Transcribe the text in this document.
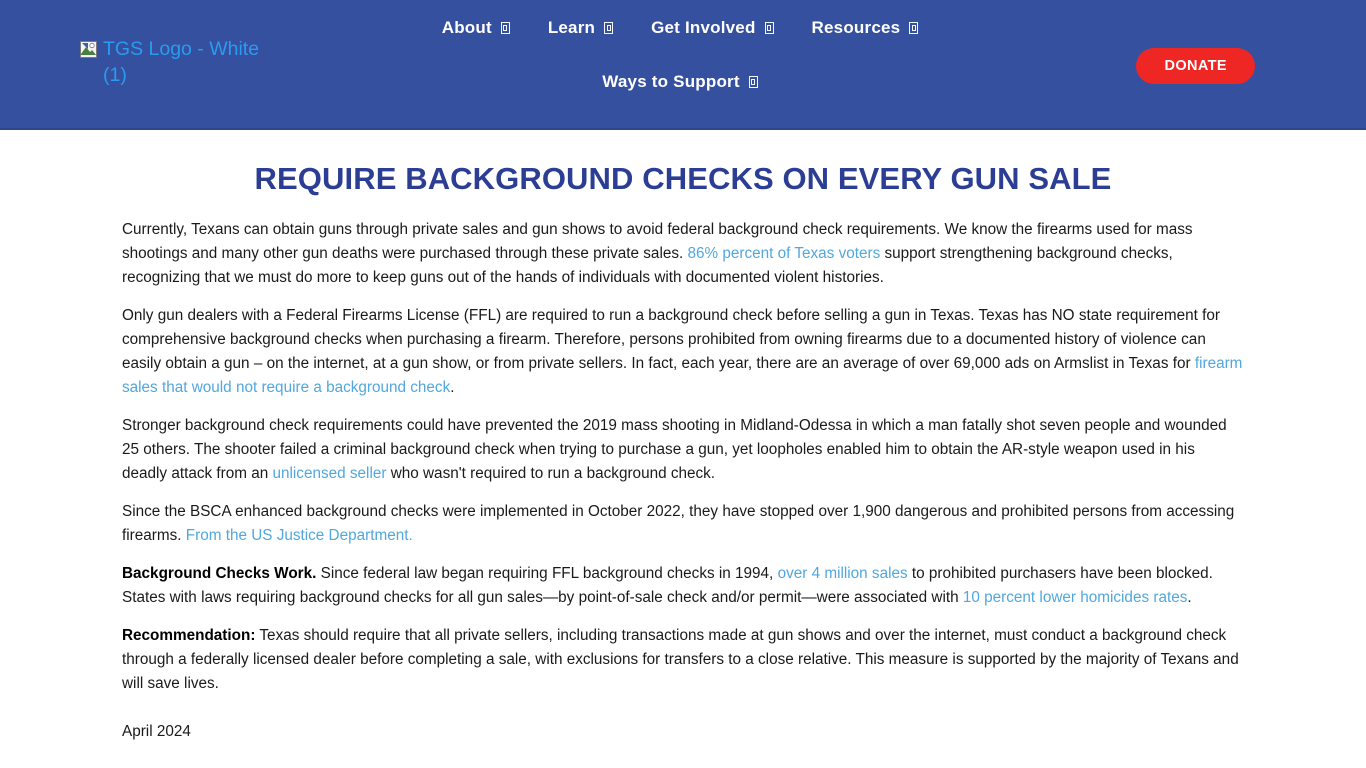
TGS Logo - White (1)
About	Learn	Get Involved	Resources
Ways to Support
DONATE
REQUIRE BACKGROUND CHECKS ON EVERY GUN SALE

Currently, Texans can obtain guns through private sales and gun shows to avoid federal background check requirements. We know the firearms used for mass shootings and many other gun deaths were purchased through these private sales. 86% percent of Texas voters support strengthening background checks, recognizing that we must do more to keep guns out of the hands of individuals with documented violent histories.

Only gun dealers with a Federal Firearms License (FFL) are required to run a background check before selling a gun in Texas. Texas has NO state requirement for comprehensive background checks when purchasing a firearm. Therefore, persons prohibited from owning firearms due to a documented history of violence can easily obtain a gun – on the internet, at a gun show, or from private sellers. In fact, each year, there are an average of over 69,000 ads on Armslist in Texas for firearm sales that would not require a background check.

Stronger background check requirements could have prevented the 2019 mass shooting in Midland-Odessa in which a man fatally shot seven people and wounded 25 others. The shooter failed a criminal background check when trying to purchase a gun, yet loopholes enabled him to obtain the AR-style weapon used in his deadly attack from an unlicensed seller who wasn't required to run a background check.

Since the BSCA enhanced background checks were implemented in October 2022, they have stopped over 1,900 dangerous and prohibited persons from accessing firearms. From the US Justice Department.

Background Checks Work. Since federal law began requiring FFL background checks in 1994, over 4 million sales to prohibited purchasers have been blocked. States with laws requiring background checks for all gun sales—by point-of-sale check and/or permit—were associated with 10 percent lower homicides rates.

Recommendation: Texas should require that all private sellers, including transactions made at gun shows and over the internet, must conduct a background check through a federally licensed dealer before completing a sale, with exclusions for transfers to a close relative. This measure is supported by the majority of Texans and will save lives.

April 2024
